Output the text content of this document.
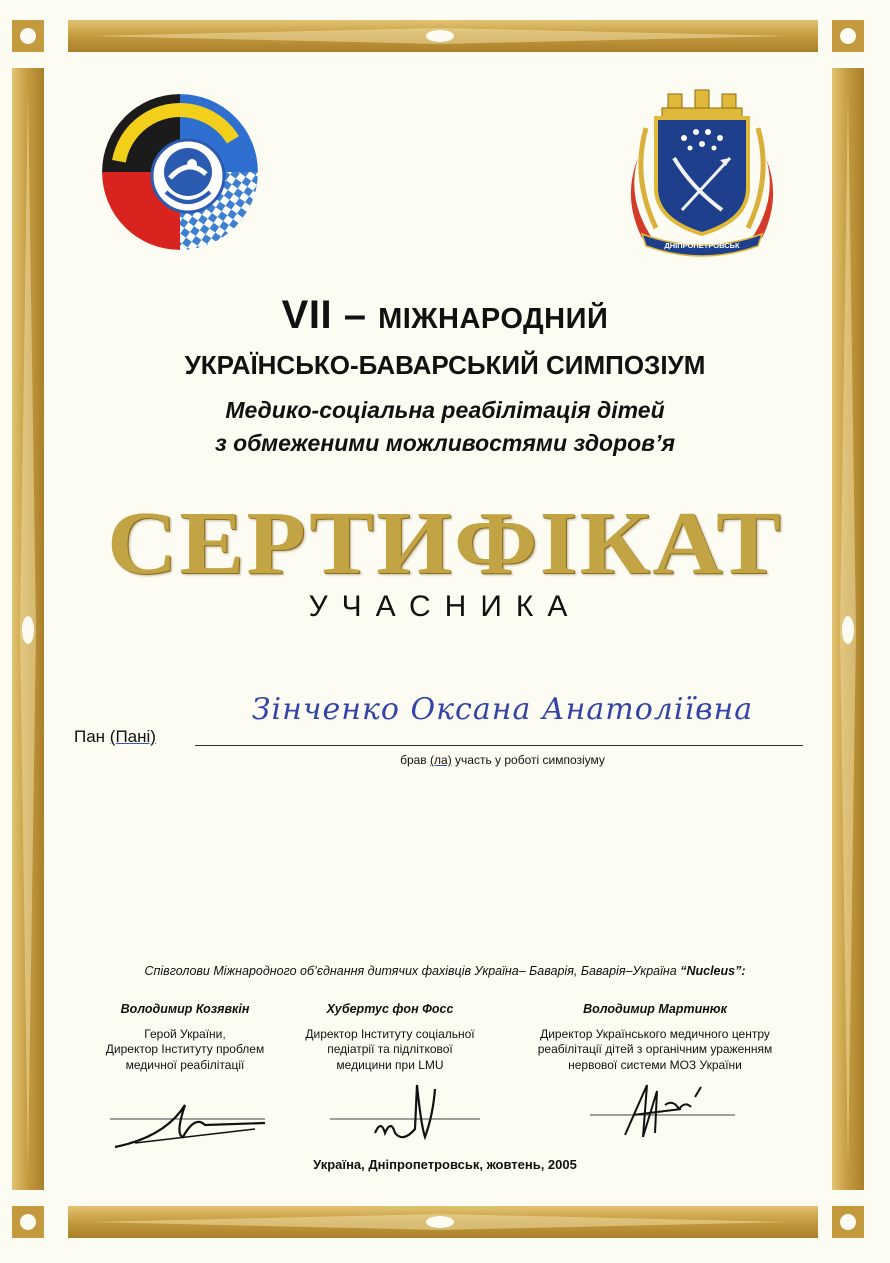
ДНІПРОПЕТРОВСЬК

VII – МІЖНАРОДНИЙ

УКРАЇНСЬКО-БАВАРСЬКИЙ СИМПОЗІУМ

Медико-соціальна реабілітація дітей
з обмеженими можливостями здоров’я

СЕРТИФІКАТ

УЧАСНИКА

Пан (Пані)

Зінченко Оксана Анатоліївна

брав (ла) участь у роботі симпозіуму

Співголови Міжнародного об’єднання дитячих фахівців Україна– Баварія, Баварія–Україна “Nucleus”:

Володимир Козявкін
Герой України,
Директор Інституту проблем
медичної реабілітації
Хубертус фон Фосс
Директор Інституту соціальної
педіатрії та підліткової
медицини при LMU
Володимир Мартинюк
Директор Українського медичного центру
реабілітації дітей з органічним ураженням
нервової системи МОЗ України

Україна, Дніпропетровськ, жовтень, 2005
